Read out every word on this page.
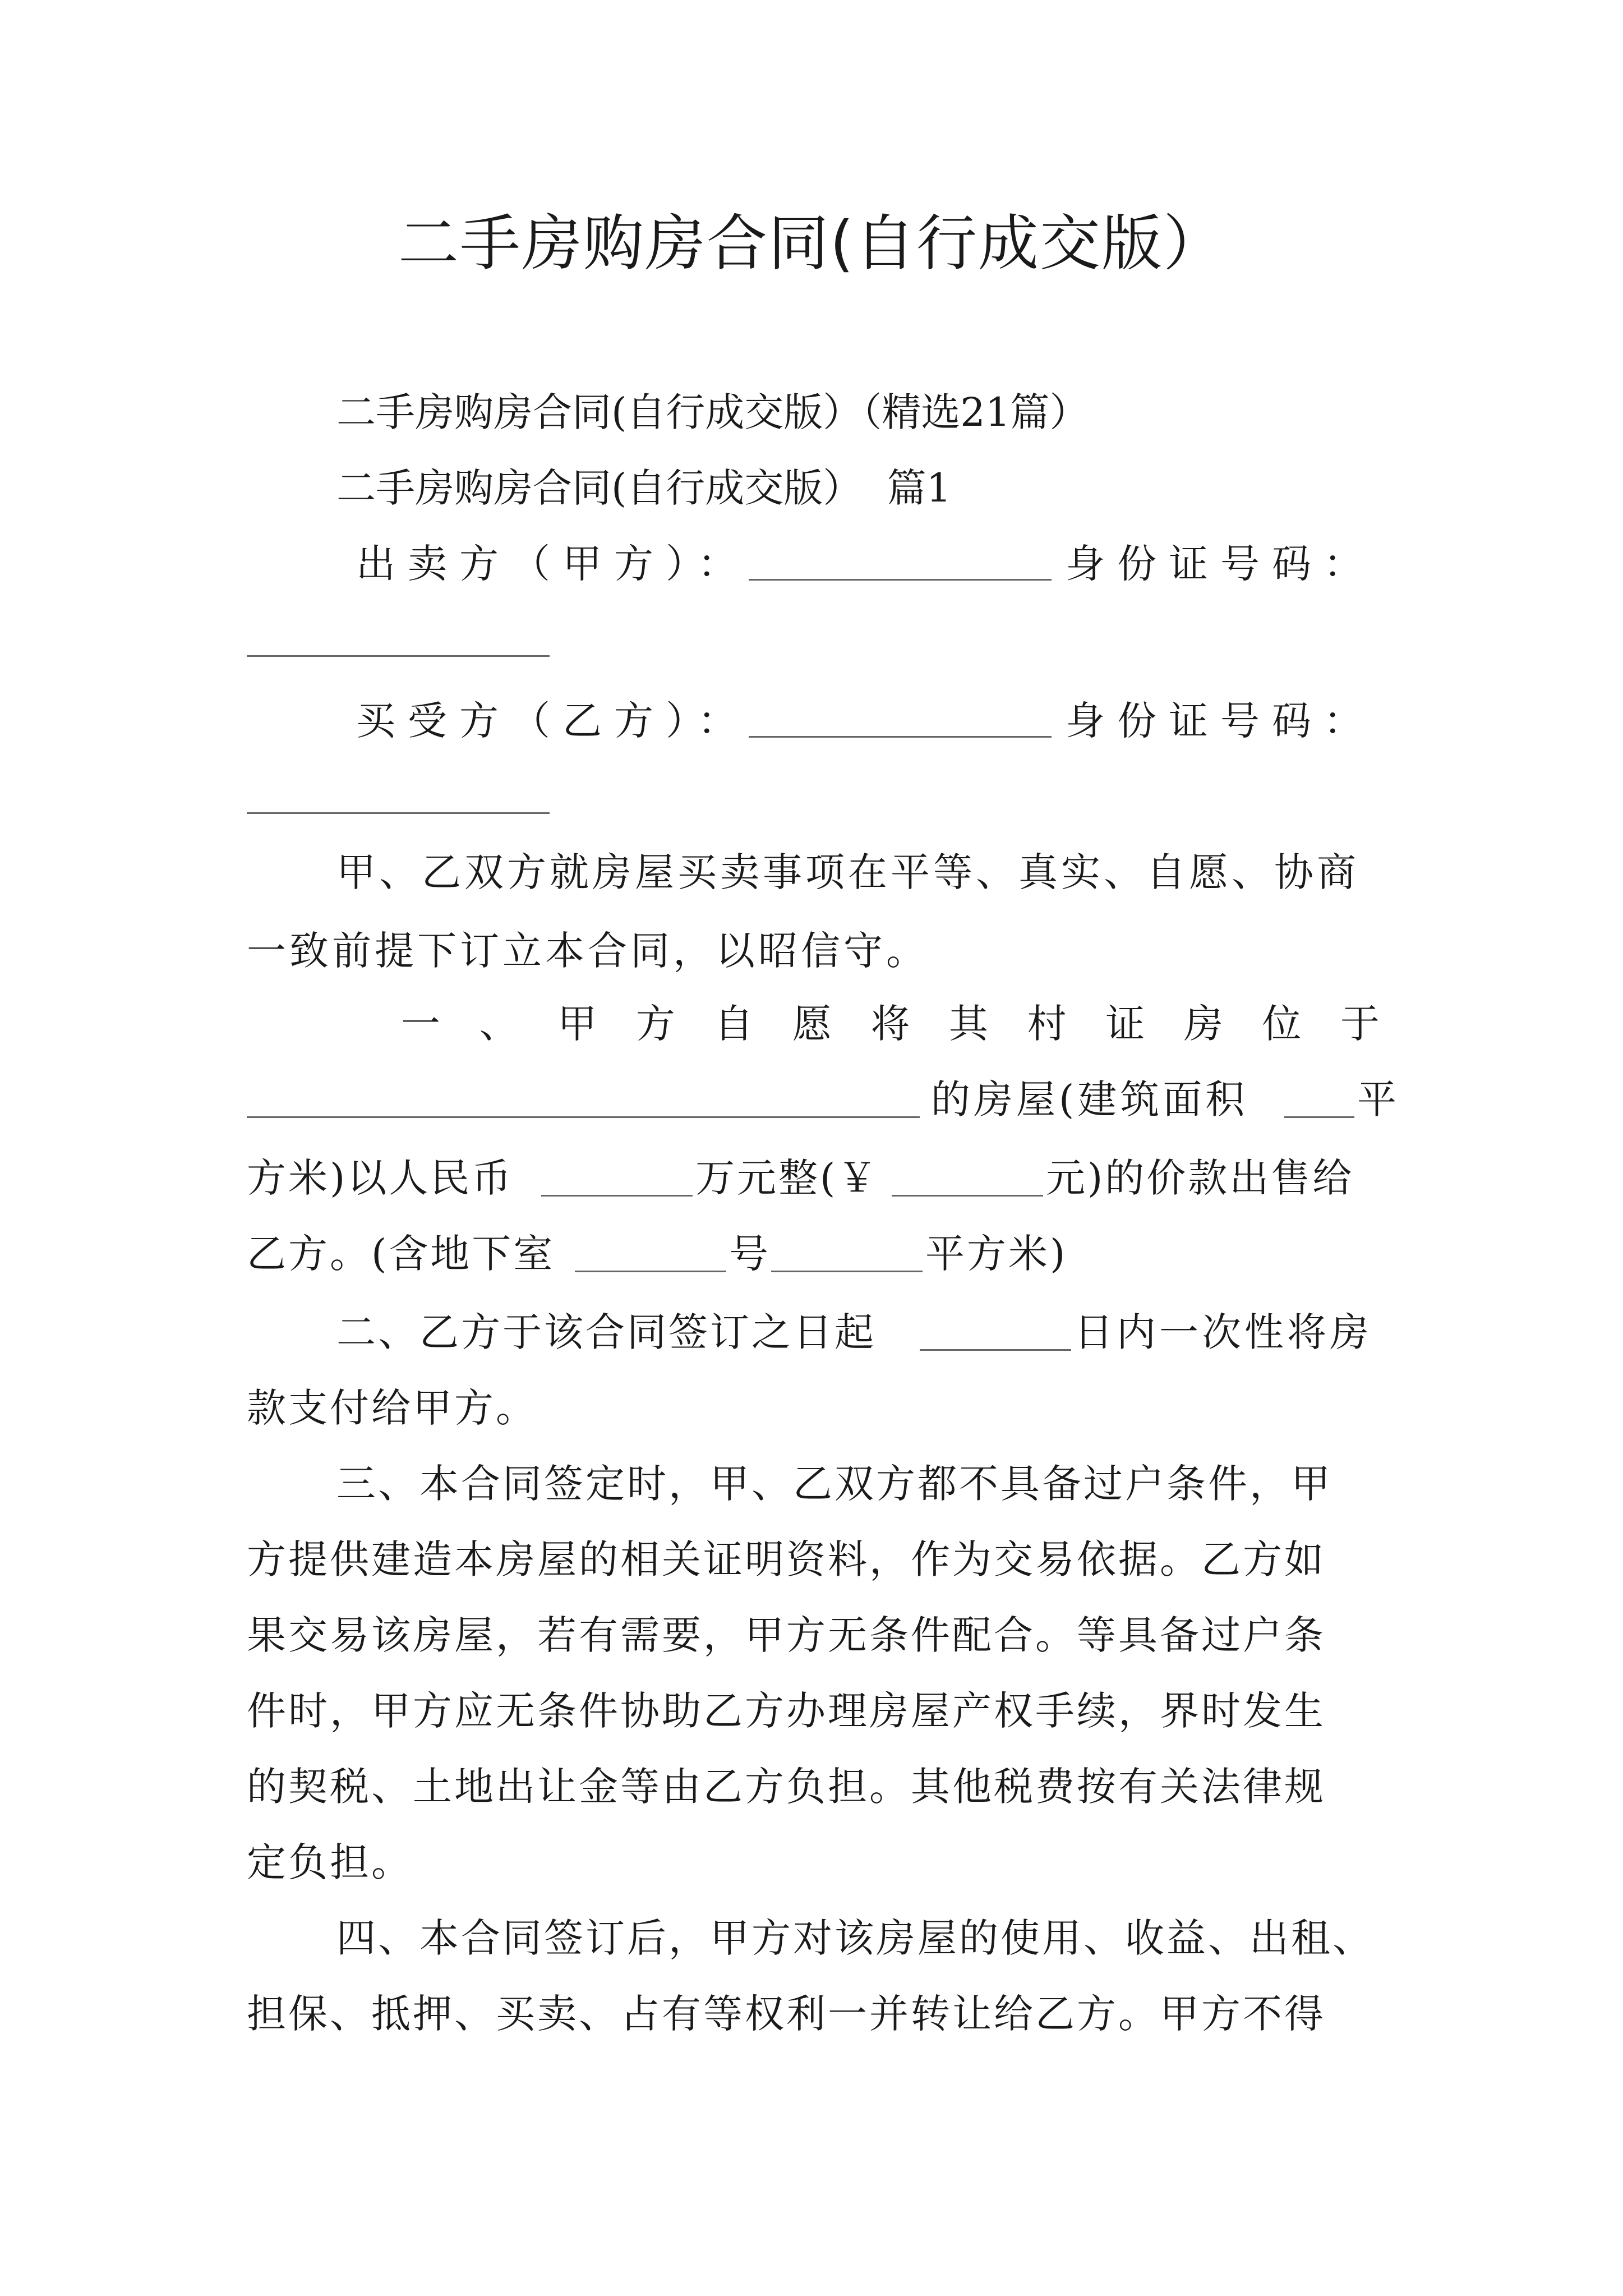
二手房购房合同(自行成交版）
二手房购房合同(自行成交版）（精选21篇）
二手房购房合同(自行成交版）  篇1
出卖方（甲方）：	身份证号码：
买受方（乙方）：	身份证号码：
甲、乙双方就房屋买卖事项在平等、真实、自愿、协商
一致前提下订立本合同，以昭信守。
一 、 甲 方 自 愿 将 其 村 证 房 位 于
的房屋(建筑面积	平
方米)以人民币	万元整(￥	元)的价款出售给
乙方。(含地下室	号	平方米)
二、乙方于该合同签订之日起	日内一次性将房
款支付给甲方。
三、本合同签定时，甲、乙双方都不具备过户条件，甲
方提供建造本房屋的相关证明资料，作为交易依据。乙方如
果交易该房屋，若有需要，甲方无条件配合。等具备过户条
件时，甲方应无条件协助乙方办理房屋产权手续，界时发生
的契税、土地出让金等由乙方负担。其他税费按有关法律规
定负担。
四、本合同签订后，甲方对该房屋的使用、收益、出租、
担保、抵押、买卖、占有等权利一并转让给乙方。甲方不得
